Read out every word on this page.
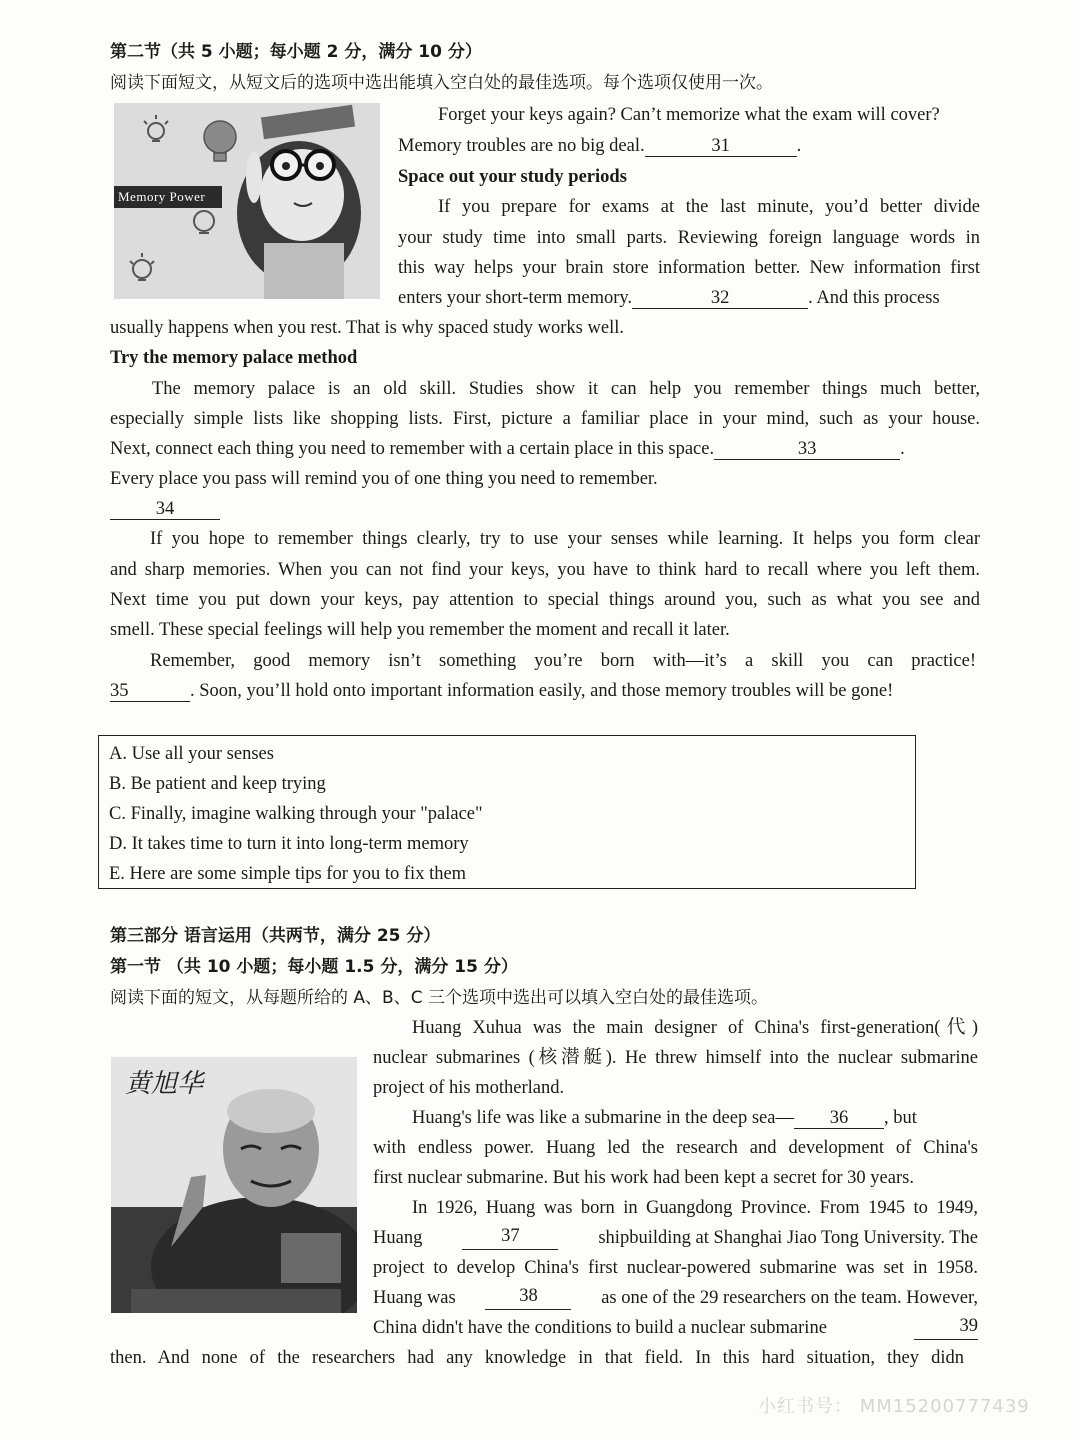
第二节（共 5 小题；每小题 2 分，满分 10 分）
阅读下面短文，从短文后的选项中选出能填入空白处的最佳选项。每个选项仅使用一次。
Memory Power
Forget your keys again? Can’t memorize what the exam will cover?
Memory troubles are no big deal.	31	.
Space out your study periods
If you prepare for exams at the last minute, you’d better divide
your study time into small parts. Reviewing foreign language words in
this way helps your brain store information better. New information first
enters your short-term memory.	32	. And this process
usually happens when you rest. That is why spaced study works well.
Try the memory palace method
The memory palace is an old skill. Studies show it can help you remember things much better,
especially simple lists like shopping lists. First, picture a familiar place in your mind, such as your house.
Next, connect each thing you need to remember with a certain place in this space.	33	.
Every place you pass will remind you of one thing you need to remember.
34
If you hope to remember things clearly, try to use your senses while learning. It helps you form clear
and sharp memories. When you can not find your keys, you have to think hard to recall where you left them.
Next time you put down your keys, pay attention to special things around you, such as what you see and
smell. These special feelings will help you remember the moment and recall it later.
Remember, good memory isn’t something you’re born with—it’s a skill you can practice!
35	. Soon, you’ll hold onto important information easily, and those memory troubles will be gone!
A. Use all your senses
B. Be patient and keep trying
C. Finally, imagine walking through your "palace"
D. It takes time to turn it into long-term memory
E. Here are some simple tips for you to fix them
第三部分 语言运用（共两节，满分 25 分）
第一节 （共 10 小题；每小题 1.5 分，满分 15 分）
阅读下面的短文，从每题所给的 A、B、C 三个选项中选出可以填入空白处的最佳选项。
黄旭华
Huang Xuhua was the main designer of China's first-generation(代)
nuclear submarines (核潜艇). He threw himself into the nuclear submarine
project of his motherland.
Huang's life was like a submarine in the deep sea— 36 , but
with endless power. Huang led the research and development of China's
first nuclear submarine. But his work had been kept a secret for 30 years.
In 1926, Huang was born in Guangdong Province. From 1945 to 1949,
Huang	37	shipbuilding at Shanghai Jiao Tong University. The
project to develop China's first nuclear-powered submarine was set in 1958.
Huang was	38	as one of the 29 researchers on the team. However,
China didn't have the conditions to build a nuclear submarine	39
then. And none of the researchers had any knowledge in that field. In this hard situation, they didn
小红书号： MM15200777439
